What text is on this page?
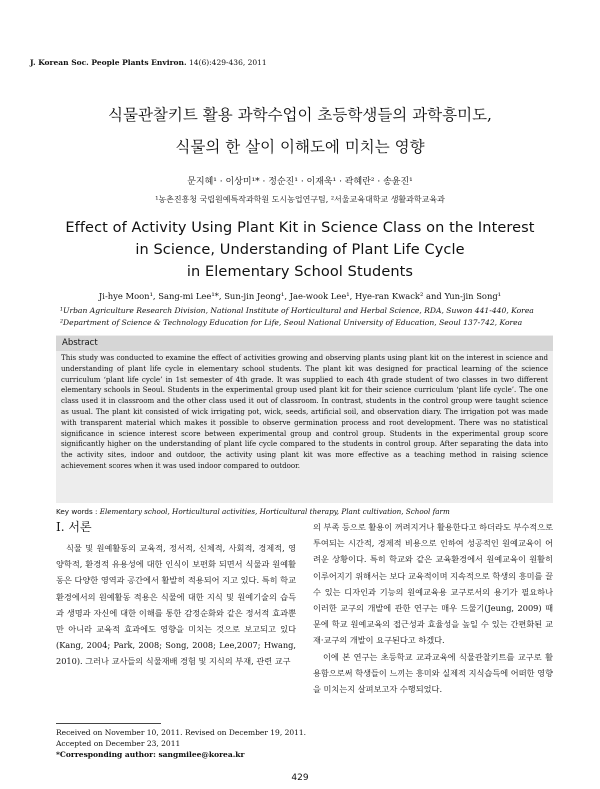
J. Korean Soc. People Plants Environ. 14(6):429-436, 2011
식물관찰키트 활용 과학수업이 초등학생들의 과학흥미도,
식물의 한 살이 이해도에 미치는 영향
문지혜¹ · 이상미¹* · 정순진¹ · 이재욱¹ · 곽혜란² · 송윤진¹
¹농촌진흥청 국립원예특작과학원 도시농업연구팀, ²서울교육대학교 생활과학교육과
Effect of Activity Using Plant Kit in Science Class on the Interest
in Science, Understanding of Plant Life Cycle
in Elementary School Students
Ji-hye Moon¹, Sang-mi Lee¹*, Sun-jin Jeong¹, Jae-wook Lee¹, Hye-ran Kwack² and Yun-jin Song¹
¹Urban Agriculture Research Division, National Institute of Horticultural and Herbal Science, RDA, Suwon 441-440, Korea
²Department of Science & Technology Education for Life, Seoul National University of Education, Seoul 137-742, Korea
Abstract
This study was conducted to examine the effect of activities growing and observing plants using plant kit on the interest in science and understanding of plant life cycle in elementary school students. The plant kit was designed for practical learning of the science curriculum ‘plant life cycle’ in 1st semester of 4th grade. It was supplied to each 4th grade student of two classes in two different elementary schools in Seoul. Students in the experimental group used plant kit for their science curriculum ‘plant life cycle’. The one class used it in classroom and the other class used it out of classroom. In contrast, students in the control group were taught science as usual. The plant kit consisted of wick irrigating pot, wick, seeds, artificial soil, and observation diary. The irrigation pot was made with transparent material which makes it possible to observe germination process and root development. There was no statistical significance in science interest score between experimental group and control group. Students in the experimental group score significantly higher on the understanding of plant life cycle compared to the students in control group. After separating the data into the activity sites, indoor and outdoor, the activity using plant kit was more effective as a teaching method in raising science achievement scores when it was used indoor compared to outdoor.
Key words : Elementary school, Horticultural activities, Horticultural therapy, Plant cultivation, School farm
Ⅰ. 서론
식물 및 원예활동의 교육적, 정서적, 신체적, 사회적, 경제적, 영양학적, 환경적 유용성에 대한 인식이 보편화 되면서 식물과 원예활동은 다양한 영역과 공간에서 활발히 적용되어 지고 있다. 특히 학교환경에서의 원예활동 적용은 식물에 대한 지식 및 원예기술의 습득과 생명과 자신에 대한 이해를 통한 감정순화와 같은 정서적 효과뿐만 아니라 교육적 효과에도 영향을 미치는 것으로 보고되고 있다(Kang, 2004; Park, 2008; Song, 2008; Lee,2007; Hwang, 2010). 그러나 교사들의 식물재배 경험 및 지식의 부재, 관련 교구
의 부족 등으로 활용이 꺼려지거나 활용한다고 하더라도 부수적으로 투여되는 시간적, 경제적 비용으로 인하여 성공적인 원예교육이 어려운 상황이다. 특히 학교와 같은 교육환경에서 원예교육이 원활히 이루어지기 위해서는 보다 교육적이며 지속적으로 학생의 흥미를 끌 수 있는 디자인과 기능의 원예교육용 교구로서의 용기가 필요하나 이러한 교구의 개발에 관한 연구는 매우 드물기(Jeung, 2009) 때문에 학교 원예교육의 접근성과 효율성을 높일 수 있는 간편화된 교재·교구의 개발이 요구된다고 하겠다.
이에 본 연구는 초등학교 교과교육에 식물관찰키트를 교구로 활용함으로써 학생들이 느끼는 흥미와 실제적 지식습득에 어떠한 영향을 미치는지 살펴보고자 수행되었다.
Received on November 10, 2011. Revised on December 19, 2011.
Accepted on December 23, 2011
*Corresponding author: sangmilee@korea.kr
429
